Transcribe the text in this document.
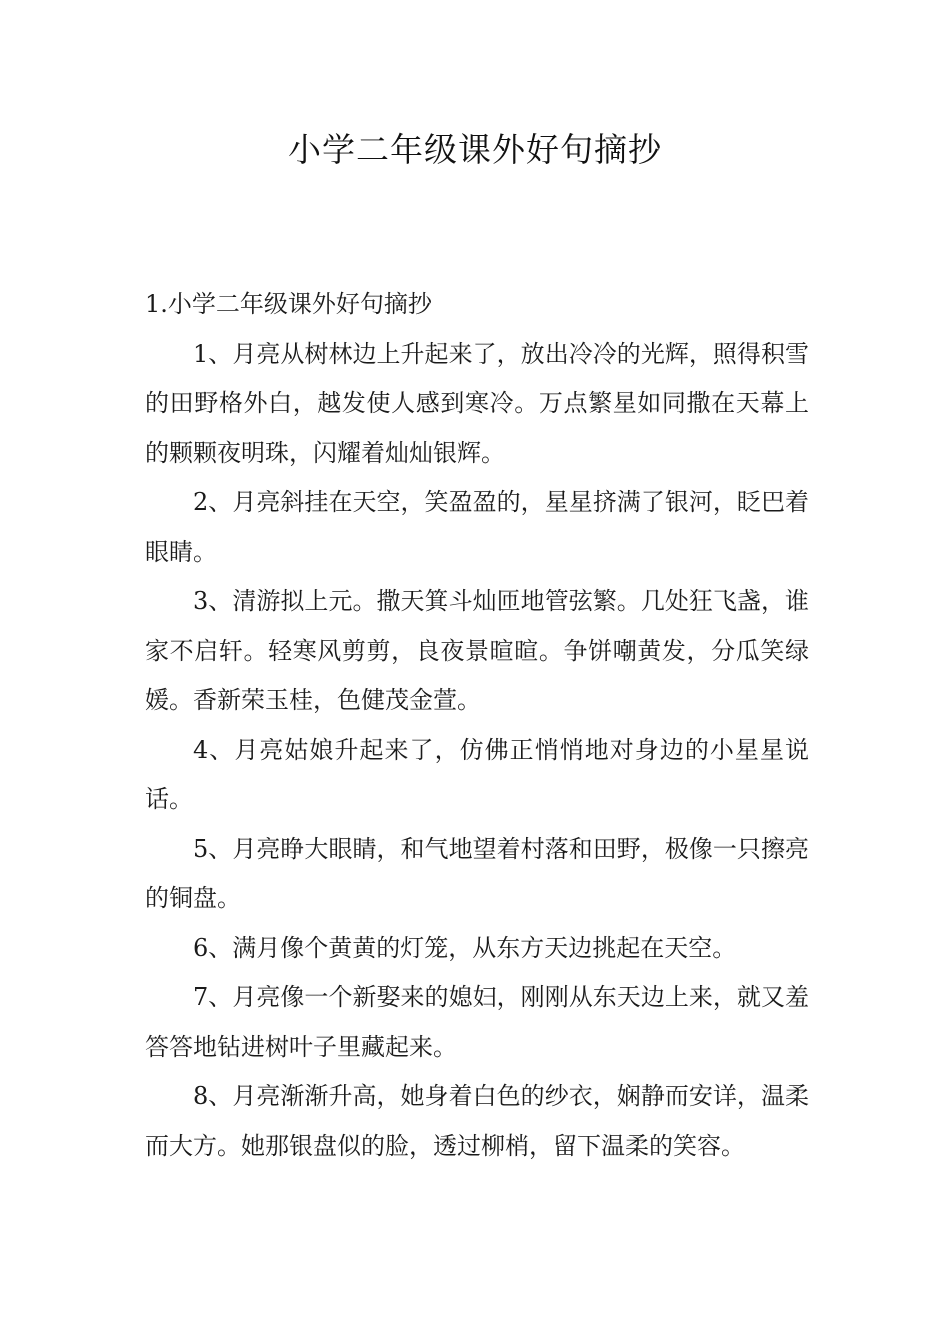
小学二年级课外好句摘抄

1.小学二年级课外好句摘抄

1、月亮从树林边上升起来了，放出冷冷的光辉，照得积雪的田野格外白，越发使人感到寒冷。万点繁星如同撒在天幕上的颗颗夜明珠，闪耀着灿灿银辉。

2、月亮斜挂在天空，笑盈盈的，星星挤满了银河，眨巴着眼睛。

3、清游拟上元。撒天箕斗灿匝地管弦繁。几处狂飞盏，谁家不启轩。轻寒风剪剪，良夜景暄暄。争饼嘲黄发，分瓜笑绿媛。香新荣玉桂，色健茂金萱。

4、月亮姑娘升起来了，仿佛正悄悄地对身边的小星星说话。

5、月亮睁大眼睛，和气地望着村落和田野，极像一只擦亮的铜盘。

6、满月像个黄黄的灯笼，从东方天边挑起在天空。

7、月亮像一个新娶来的媳妇，刚刚从东天边上来，就又羞答答地钻进树叶子里藏起来。

8、月亮渐渐升高，她身着白色的纱衣，娴静而安详，温柔而大方。她那银盘似的脸，透过柳梢，留下温柔的笑容。
